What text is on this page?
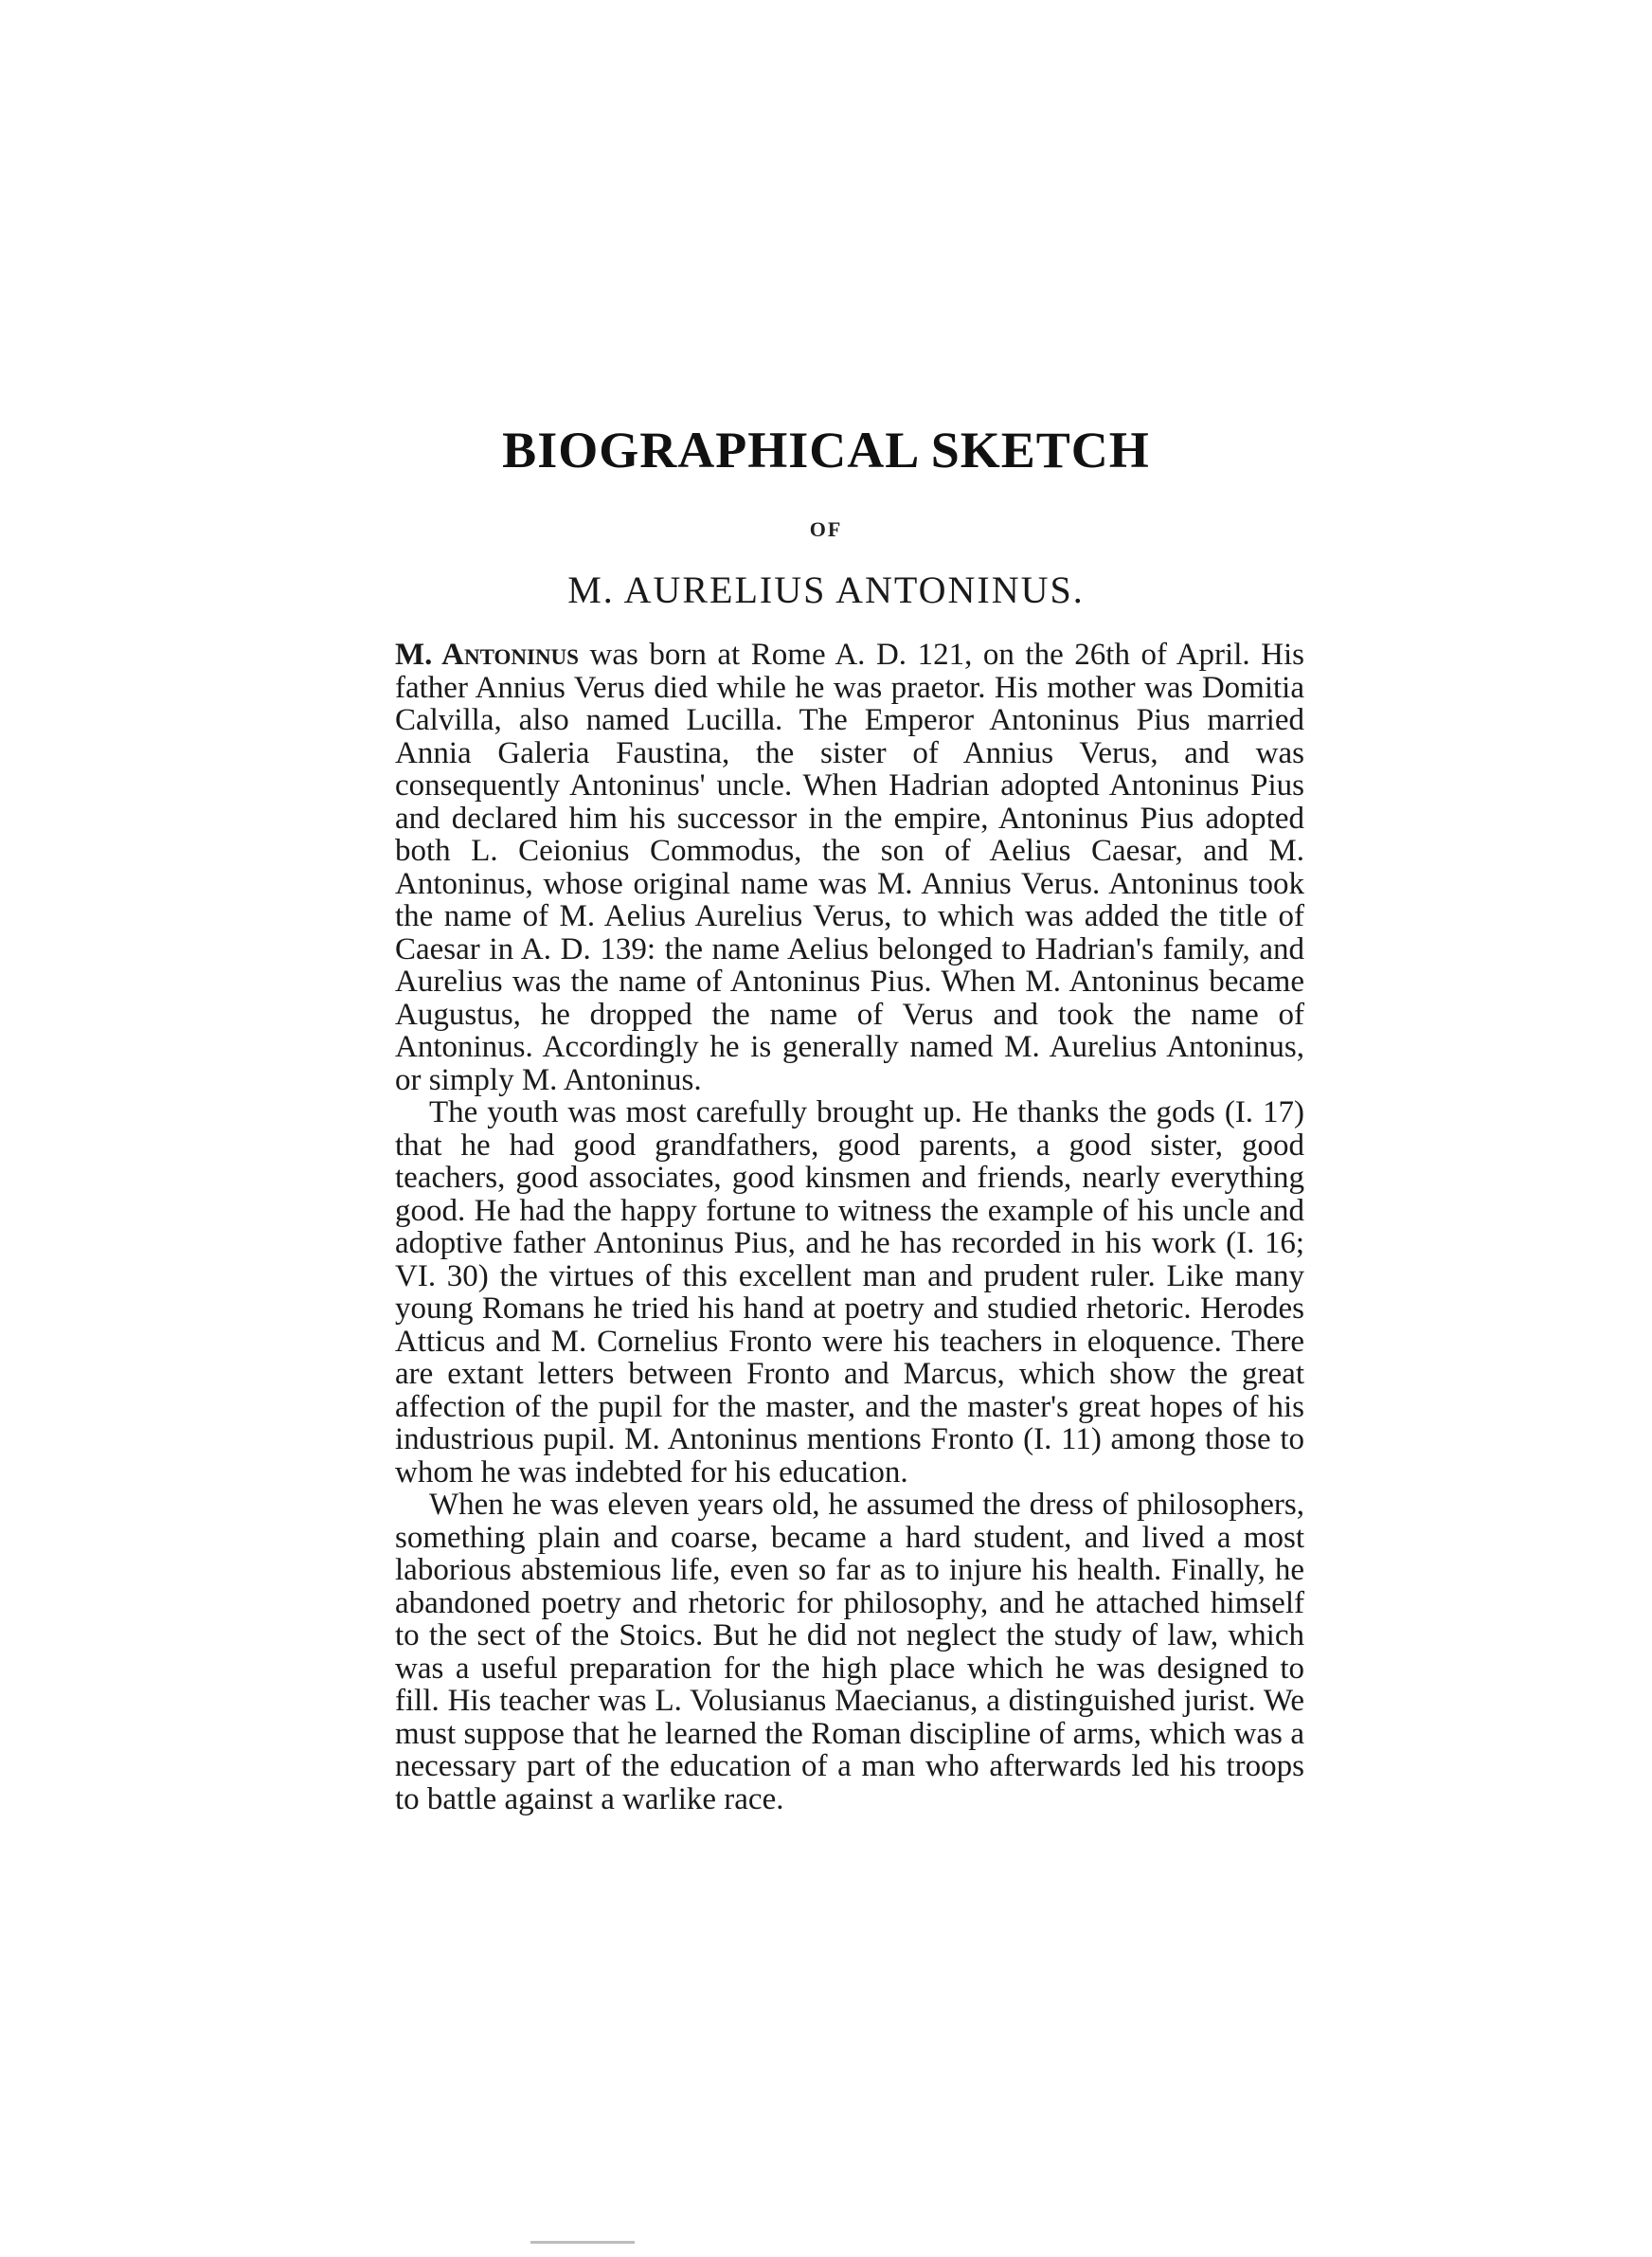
BIOGRAPHICAL SKETCH
OF
M. AURELIUS ANTONINUS.

M. Antoninus was born at Rome A. D. 121, on the 26th of April. His father Annius Verus died while he was praetor. His mother was Domitia Calvilla, also named Lucilla. The Emperor Antoninus Pius married Annia Galeria Faustina, the sister of Annius Verus, and was consequently Antoninus' uncle. When Hadrian adopted Antoninus Pius and declared him his successor in the empire, Antoninus Pius adopted both L. Ceionius Commodus, the son of Aelius Caesar, and M. Antoninus, whose original name was M. Annius Verus. Antoninus took the name of M. Aelius Aurelius Verus, to which was added the title of Caesar in A. D. 139: the name Aelius belonged to Hadrian's family, and Aurelius was the name of Antoninus Pius. When M. Antoninus became Augustus, he dropped the name of Verus and took the name of Antoninus. Accordingly he is generally named M. Aurelius Antoninus, or simply M. Antoninus.

The youth was most carefully brought up. He thanks the gods (I. 17) that he had good grandfathers, good parents, a good sister, good teachers, good associates, good kinsmen and friends, nearly everything good. He had the happy fortune to witness the example of his uncle and adoptive father Antoninus Pius, and he has recorded in his work (I. 16; VI. 30) the virtues of this excellent man and prudent ruler. Like many young Romans he tried his hand at poetry and studied rhetoric. Herodes Atticus and M. Cornelius Fronto were his teachers in eloquence. There are extant letters between Fronto and Marcus, which show the great affection of the pupil for the master, and the master's great hopes of his industrious pupil. M. Antoninus mentions Fronto (I. 11) among those to whom he was indebted for his education.

When he was eleven years old, he assumed the dress of philosophers, something plain and coarse, became a hard student, and lived a most laborious abstemious life, even so far as to injure his health. Finally, he abandoned poetry and rhetoric for philosophy, and he attached himself to the sect of the Stoics. But he did not neglect the study of law, which was a useful preparation for the high place which he was designed to fill. His teacher was L. Volusianus Maecianus, a distinguished jurist. We must suppose that he learned the Roman discipline of arms, which was a necessary part of the education of a man who afterwards led his troops to battle against a warlike race.
